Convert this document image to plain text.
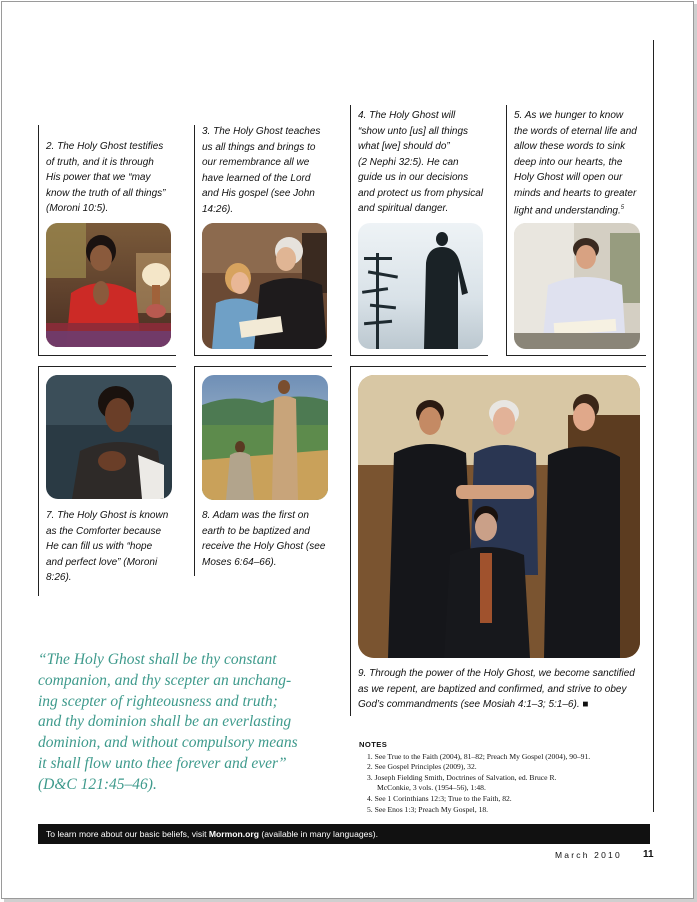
2. The Holy Ghost testifies
of truth, and it is through
His power that we “may
know the truth of all things”
(Moroni 10:5).
3. The Holy Ghost teaches
us all things and brings to
our remembrance all we
have learned of the Lord
and His gospel (see John
14:26).
4. The Holy Ghost will
“show unto [us] all things
what [we] should do”
(2 Nephi 32:5). He can
guide us in our decisions
and protect us from physical
and spiritual danger.
5. As we hunger to know
the words of eternal life and
allow these words to sink
deep into our hearts, the
Holy Ghost will open our
minds and hearts to greater
light and understanding.$^5$
7. The Holy Ghost is known
as the Comforter because
He can fill us with “hope
and perfect love” (Moroni
8:26).
8. Adam was the first on
earth to be baptized and
receive the Holy Ghost (see
Moses 6:64–66).
9. Through the power of the Holy Ghost, we become sanctified
as we repent, are baptized and confirmed, and strive to obey
God’s commandments (see Mosiah 4:1–3; 5:1–6). ■
“The Holy Ghost shall be thy constant
companion, and thy scepter an unchang-
ing scepter of righteousness and truth;
and thy dominion shall be an everlasting
dominion, and without compulsory means
it shall flow unto thee forever and ever”
(D&C 121:45–46).
NOTES
1. See True to the Faith (2004), 81–82; Preach My Gospel (2004), 90–91.
2. See Gospel Principles (2009), 32.
3. Joseph Fielding Smith, Doctrines of Salvation, ed. Bruce R.
McConkie, 3 vols. (1954–56), 1:48.
4. See 1 Corinthians 12:3; True to the Faith, 82.
5. See Enos 1:3; Preach My Gospel, 18.
To learn more about our basic beliefs, visit Mormon.org (available in many languages).
March 2010 11
